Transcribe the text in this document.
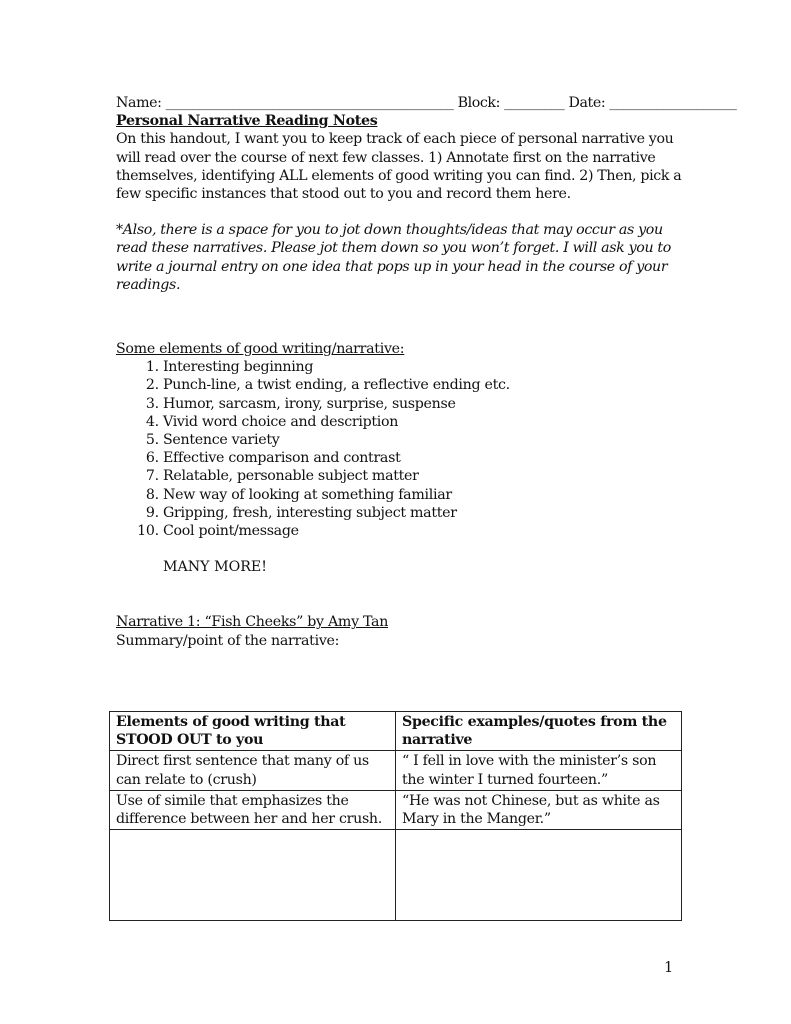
Name: ___________________________________________ Block: _________ Date: ___________________
Personal Narrative Reading Notes
On this handout, I want you to keep track of each piece of personal narrative you will read over the course of next few classes. 1) Annotate first on the narrative themselves, identifying ALL elements of good writing you can find. 2) Then, pick a few specific instances that stood out to you and record them here.
*Also, there is a space for you to jot down thoughts/ideas that may occur as you read these narratives. Please jot them down so you won’t forget. I will ask you to write a journal entry on one idea that pops up in your head in the course of your readings.
Some elements of good writing/narrative:
1. Interesting beginning
2. Punch-line, a twist ending, a reflective ending etc.
3. Humor, sarcasm, irony, surprise, suspense
4. Vivid word choice and description
5. Sentence variety
6. Effective comparison and contrast
7. Relatable, personable subject matter
8. New way of looking at something familiar
9. Gripping, fresh, interesting subject matter
10. Cool point/message
MANY MORE!
Narrative 1: “Fish Cheeks” by Amy Tan
Summary/point of the narrative:
Elements of good writing that STOOD OUT to you	Specific examples/quotes from the narrative
Direct first sentence that many of us can relate to (crush)	“ I fell in love with the minister’s son the winter I turned fourteen.”
Use of simile that emphasizes the difference between her and her crush.	“He was not Chinese, but as white as Mary in the Manger.”

1
